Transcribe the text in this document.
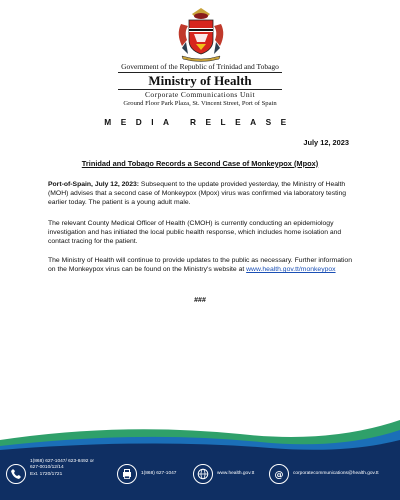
Government of the Republic of Trinidad and Tobago
Ministry of Health
Corporate Communications Unit
Ground Floor Park Plaza, St. Vincent Street, Port of Spain
MEDIA RELEASE
July 12, 2023
Trinidad and Tobago Records a Second Case of Monkeypox (Mpox)
Port-of-Spain, July 12, 2023: Subsequent to the update provided yesterday, the Ministry of Health (MOH) advises that a second case of Monkeypox (Mpox) virus was confirmed via laboratory testing earlier today. The patient is a young adult male.
The relevant County Medical Officer of Health (CMOH) is currently conducting an epidemiology investigation and has initiated the local public health response, which includes home isolation and contact tracing for the patient.
The Ministry of Health will continue to provide updates to the public as necessary. Further information on the Monkeypox virus can be found on the Ministry's website at www.health.gov.tt/monkeypox
###
1(868) 627-1047/ 623-8492 or
627-0010/12/14
Ext. 1720/1721	1(868) 627-1047	www.health.gov.tt @ corporatecommunications@health.gov.tt
